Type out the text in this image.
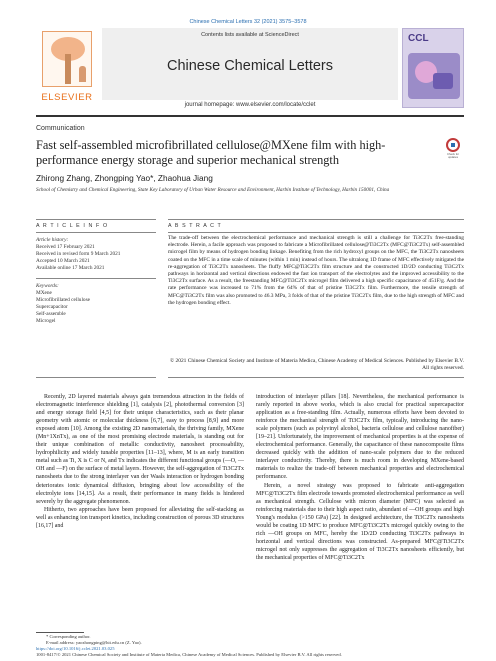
Chinese Chemical Letters 32 (2021) 3575–3578
ELSEVIER
Contents lists available at ScienceDirect
Chinese Chemical Letters
journal homepage: www.elsevier.com/locate/cclet
CCL
Communication
Fast self-assembled microfibrillated cellulose@MXene film with high-performance energy storage and superior mechanical strength	Check for updates
Zhirong Zhang, Zhongping Yao*, Zhaohua Jiang
School of Chemistry and Chemical Engineering, State Key Laboratory of Urban Water Resource and Environment, Harbin Institute of Technology, Harbin 150001, China
A R T I C L E I N F O	A B S T R A C T
Article history:
Received 17 February 2021
Received in revised form 9 March 2021
Accepted 10 March 2021
Available online 17 March 2021
Keywords:
MXene
Microfibrillated cellulose
Supercapacitor
Self-assemble
Microgel
The trade-off between the electrochemical performance and mechanical strength is still a challenge for Ti3C2Tx free-standing electrode. Herein, a facile approach was proposed to fabricate a Microfibrillated cellulose@Ti3C2Tx (MFC@Ti3C2Tx) self-assembled microgel film by means of hydrogen bonding linkage. Benefiting from the rich hydroxyl groups on the MFC, the Ti3C2Tx nanosheets coated on the MFC in a time scale of minutes (within 1 min) instead of hours. The ultralong 1D frame of MFC effectively mitigated the re-aggregation of Ti3C2Tx nanosheets. The fluffy MFC@Ti3C2Tx film structure and the constructed 1D/2D conducting Ti3C2Tx pathways in horizontal and vertical directions endowed the fast ion transport of the electrolytes and the improved accessibility to the Ti3C2Tx surface. As a result, the freestanding MFC@Ti3C2Tx microgel film delivered a high specific capacitance of 451F/g. And the rate performance was increased to 71% from the 64% of that of pristine Ti3C2Tx film. Furthermore, the tensile strength of MFC@Ti3C2Tx film was also promoted to 46.3 MPa, 3 folds of that of the pristine Ti3C2Tx film, due to the high strength of MFC and the hydrogen bonding effect.
© 2021 Chinese Chemical Society and Institute of Materia Medica, Chinese Academy of Medical Sciences. Published by Elsevier B.V. All rights reserved.

Recently, 2D layered materials always gain tremendous attraction in the fields of electromagnetic interference shielding [1], catalysis [2], photothermal conversion [3] and energy storage field [4,5] for their unique characteristics, such as their planar geometry with atomic or molecular thickness [6,7], easy to process [8,9] and more exposed atom [10]. Among the existing 2D nanomaterials, the thriving family, MXene (Mn+1XnTx), as one of the most promising electrode materials, is standing out for their unique combination of metallic conductivity, nanosheet processability, hydrophilicity and widely tunable properties [11–13], where, M is an early transition metal such as Ti, X is C or N, and Tx indicates the different functional groups (—O, —OH and —F) on the surface of metal layers. However, the self-aggregation of Ti3C2Tx nanosheets due to the strong interlayer van der Waals interaction or hydrogen bonding deteriorates ionic dynamical diffusion, bringing about low accessibility of the electrolyte ions [14,15]. As a result, their performance in many fields is hindered severely by the aggregate phenomenon.

Hitherto, two approaches have been proposed for alleviating the self-stacking as well as enhancing ion transport kinetics, including construction of porous 3D structures [16,17] and

introduction of interlayer pillars [18]. Nevertheless, the mechanical performance is rarely reported in above works, which is also crucial for practical supercapacitor application as a free-standing film. Actually, numerous efforts have been devoted to reinforce the mechanical strength of Ti3C2Tx film, typically, introducing the nano-scale polymers (such as polyvinyl alcohol, bacteria cellulose and cellulose nanofiber) [19–21]. Unfortunately, the improvement of mechanical properties is at the expense of electrochemical performance. Generally, the capacitance of these nanocomposite films decreased quickly with the addition of nano-scale polymers due to the reduced interlayer conductivity. Thereby, there is much room in developing MXene-based materials to realize the trade-off between mechanical properties and electrochemical performance.

Herein, a novel strategy was proposed to fabricate anti-aggregation MFC@Ti3C2Tx film electrode towards promoted electrochemical performance as well as mechanical strength. Cellulose with micron diameter (MFC) was selected as reinforcing materials due to their high aspect ratio, abundant of —OH groups and high Young's modulus (>150 GPa) [22]. In designed architecture, the Ti3C2Tx nanosheets would be coating 1D MFC to produce MFC@Ti3C2Tx microgel quickly owing to the rich —OH groups on MFC, hereby the 1D/2D conducting Ti3C2Tx pathways in horizontal and vertical directions was constructed. As-prepared MFC@Ti3C2Tx microgel not only suppresses the aggregation of Ti3C2Tx nanosheets efficiently, but the mechanical properties of MFC@Ti3C2Tx

* Corresponding author.
E-mail address: yaozhongping@hit.edu.cn (Z. Yao).
https://doi.org/10.1016/j.cclet.2021.03.025
1001-8417/© 2021 Chinese Chemical Society and Institute of Materia Medica, Chinese Academy of Medical Sciences. Published by Elsevier B.V. All rights reserved.
